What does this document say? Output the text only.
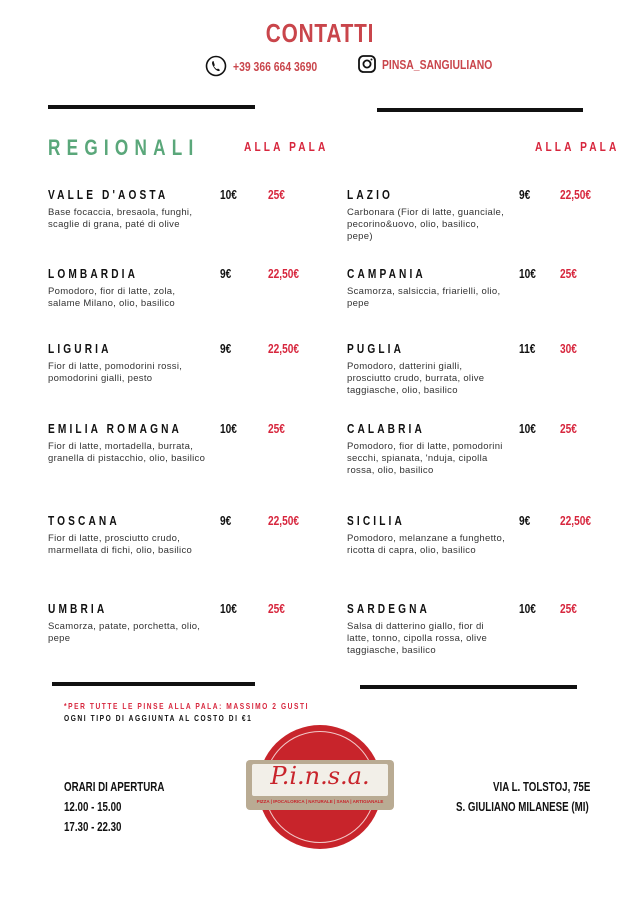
CONTATTI
+39 366 664 3690	PINSA_SANGIULIANO
REGIONALI	ALLA PALA	ALLA PALA
VALLE D'AOSTA
Base focaccia, bresaola, funghi, scaglie di grana, paté di olive
10€ 25€
LOMBARDIA
Pomodoro, fior di latte, zola, salame Milano, olio, basilico
9€	22,50€
LIGURIA
Fior di latte, pomodorini rossi, pomodorini gialli, pesto
9€	22,50€
EMILIA ROMAGNA
Fior di latte, mortadella, burrata, granella di pistacchio, olio, basilico
10€ 25€
TOSCANA
Fior di latte, prosciutto crudo, marmellata di fichi, olio, basilico
9€	22,50€
UMBRIA
Scamorza, patate, porchetta, olio, pepe
10€ 25€
LAZIO
Carbonara (Fior di latte, guanciale, pecorino&uovo, olio, basilico, pepe)
9€ 22,50€
CAMPANIA
Scamorza, salsiccia, friarielli, olio, pepe
10€ 25€
PUGLIA
Pomodoro, datterini gialli, prosciutto crudo, burrata, olive taggiasche, olio, basilico
11€ 30€
CALABRIA
Pomodoro, fior di latte, pomodorini secchi, spianata, 'nduja, cipolla rossa, olio, basilico
10€ 25€
SICILIA
Pomodoro, melanzane a funghetto, ricotta di capra, olio, basilico
9€ 22,50€
SARDEGNA
Salsa di datterino giallo, fior di latte, tonno, cipolla rossa, olive taggiasche, basilico
10€ 25€
*PER TUTTE LE PINSE ALLA PALA: MASSIMO 2 GUSTI
OGNI TIPO DI AGGIUNTA AL COSTO DI €1
ORARI DI APERTURA
12.00 - 15.00
17.30 - 22.30
P.i.n.s.a.
PIZZA | IPOCALORICA | NATURALE | SANA | ARTIGIANALE
VIA L. TOLSTOJ, 75E
S. GIULIANO MILANESE (MI)
